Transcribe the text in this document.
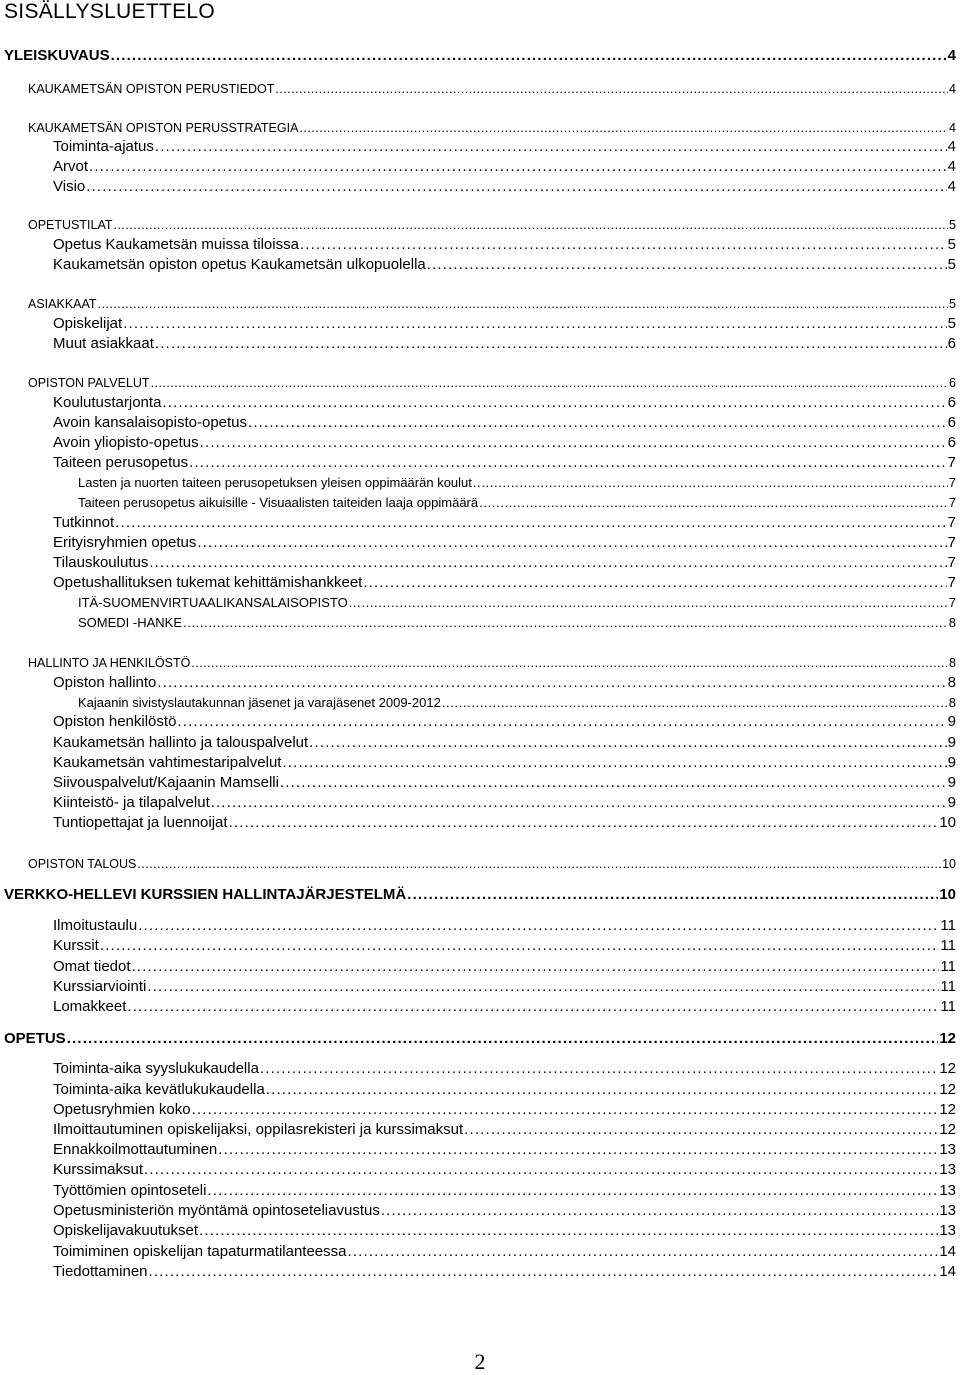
SISÄLLYSLUETTELO
YLEISKUVAUS . . .	4
KAUKAMETSÄN OPISTON PERUSTIEDOT . . .	4
KAUKAMETSÄN OPISTON PERUSSTRATEGIA . . .	4
Toiminta-ajatus . . .	4
Arvot . . .	4
Visio . . .	4
OPETUSTILAT . . .	5
Opetus Kaukametsän muissa tiloissa . . .	5
Kaukametsän opiston opetus Kaukametsän ulkopuolella . . .	5
ASIAKKAAT . . .	5
Opiskelijat . . .	5
Muut asiakkaat . . .	6
OPISTON PALVELUT . . .	6
Koulutustarjonta . . .	6
Avoin kansalaisopisto-opetus . . .	6
Avoin yliopisto-opetus . . .	6
Taiteen perusopetus . . .	7
Lasten ja nuorten taiteen perusopetuksen yleisen oppimäärän koulut . . .	7
Taiteen perusopetus aikuisille - Visuaalisten taiteiden laaja oppimäärä . . .	7
Tutkinnot . . .	7
Erityisryhmien opetus . . .	7
Tilauskoulutus . . .	7
Opetushallituksen tukemat kehittämishankkeet . . .	7
ITÄ-SUOMENVIRTUAALIKANSALAISOPISTO . . .	7
SOMEDI -HANKE . . .	8
HALLINTO JA HENKILÖSTÖ . . .	8
Opiston hallinto . . .	8
Kajaanin sivistyslautakunnan jäsenet ja varajäsenet 2009-2012 . . .	8
Opiston henkilöstö . . .	9
Kaukametsän hallinto ja talouspalvelut . . .	9
Kaukametsän vahtimestaripalvelut . . .	9
Siivouspalvelut/Kajaanin Mamselli . . .	9
Kiinteistö- ja tilapalvelut . . .	9
Tuntiopettajat ja luennoijat . . .	10
OPISTON TALOUS . . .	10
VERKKO-HELLEVI KURSSIEN HALLINTAJÄRJESTELMÄ . . .	10
Ilmoitustaulu . . .	11
Kurssit . . .	11
Omat tiedot . . .	11
Kurssiarviointi . . .	11
Lomakkeet . . .	11
OPETUS . . .	12
Toiminta-aika syyslukukaudella . . .	12
Toiminta-aika kevätlukukaudella . . .	12
Opetusryhmien koko . . .	12
Ilmoittautuminen opiskelijaksi, oppilasrekisteri ja kurssimaksut . . .	12
Ennakkoilmottautuminen . . .	13
Kurssimaksut . . .	13
Työttömien opintoseteli . . .	13
Opetusministeriön myöntämä opintoseteliavustus . . .	13
Opiskelijavakuutukset . . .	13
Toimiminen opiskelijan tapaturmatilanteessa . . .	14
Tiedottaminen . . .	14
2
